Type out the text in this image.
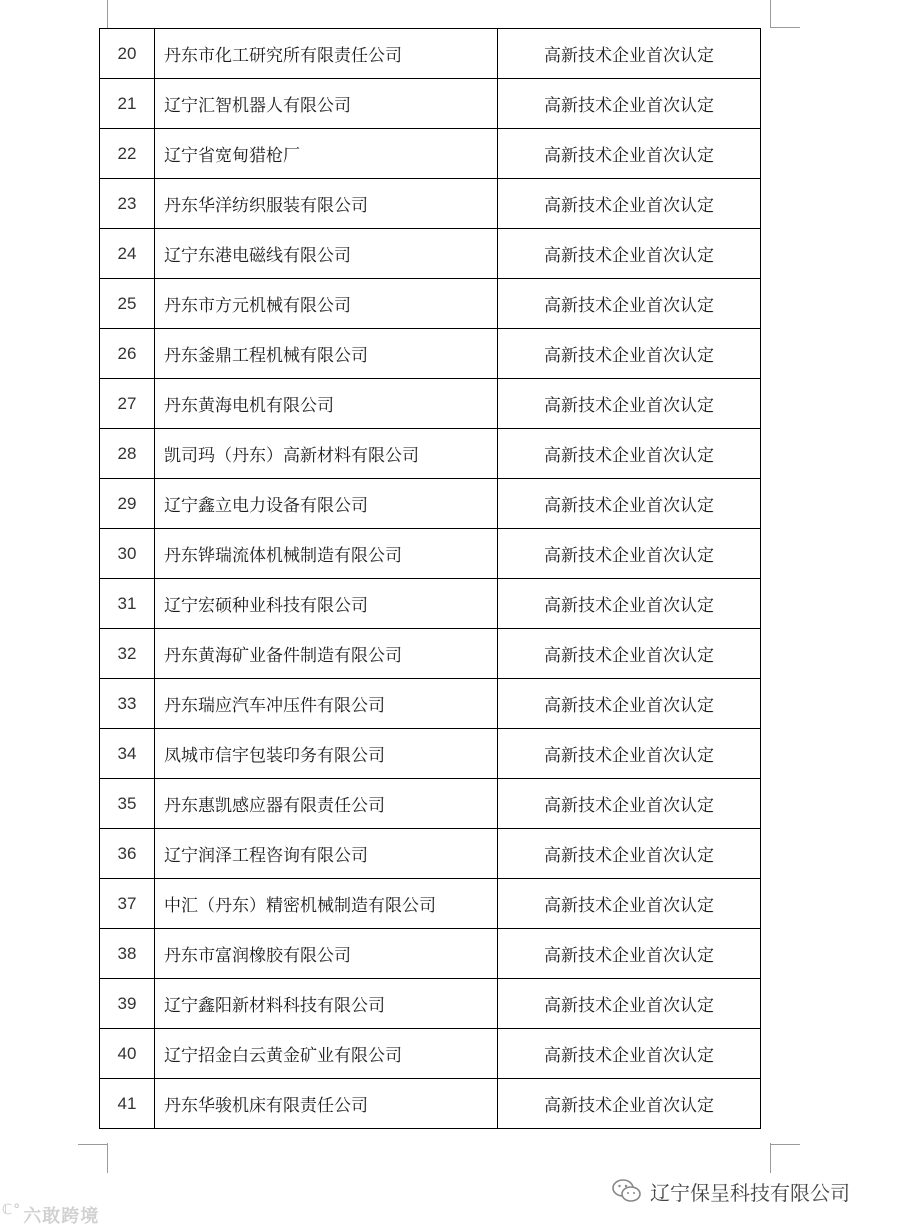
20	丹东市化工研究所有限责任公司	高新技术企业首次认定
21	辽宁汇智机器人有限公司	高新技术企业首次认定
22	辽宁省宽甸猎枪厂	高新技术企业首次认定
23	丹东华洋纺织服装有限公司	高新技术企业首次认定
24	辽宁东港电磁线有限公司	高新技术企业首次认定
25	丹东市方元机械有限公司	高新技术企业首次认定
26	丹东釜鼎工程机械有限公司	高新技术企业首次认定
27	丹东黄海电机有限公司	高新技术企业首次认定
28	凯司玛（丹东）高新材料有限公司	高新技术企业首次认定
29	辽宁鑫立电力设备有限公司	高新技术企业首次认定
30	丹东铧瑞流体机械制造有限公司	高新技术企业首次认定
31	辽宁宏硕种业科技有限公司	高新技术企业首次认定
32	丹东黄海矿业备件制造有限公司	高新技术企业首次认定
33	丹东瑞应汽车冲压件有限公司	高新技术企业首次认定
34	凤城市信宇包装印务有限公司	高新技术企业首次认定
35	丹东惠凯感应器有限责任公司	高新技术企业首次认定
36	辽宁润泽工程咨询有限公司	高新技术企业首次认定
37	中汇（丹东）精密机械制造有限公司	高新技术企业首次认定
38	丹东市富润橡胶有限公司	高新技术企业首次认定
39	辽宁鑫阳新材料科技有限公司	高新技术企业首次认定
40	辽宁招金白云黄金矿业有限公司	高新技术企业首次认定
41	丹东华骏机床有限责任公司	高新技术企业首次认定
ℂ° 六敢跨境
辽宁保呈科技有限公司
